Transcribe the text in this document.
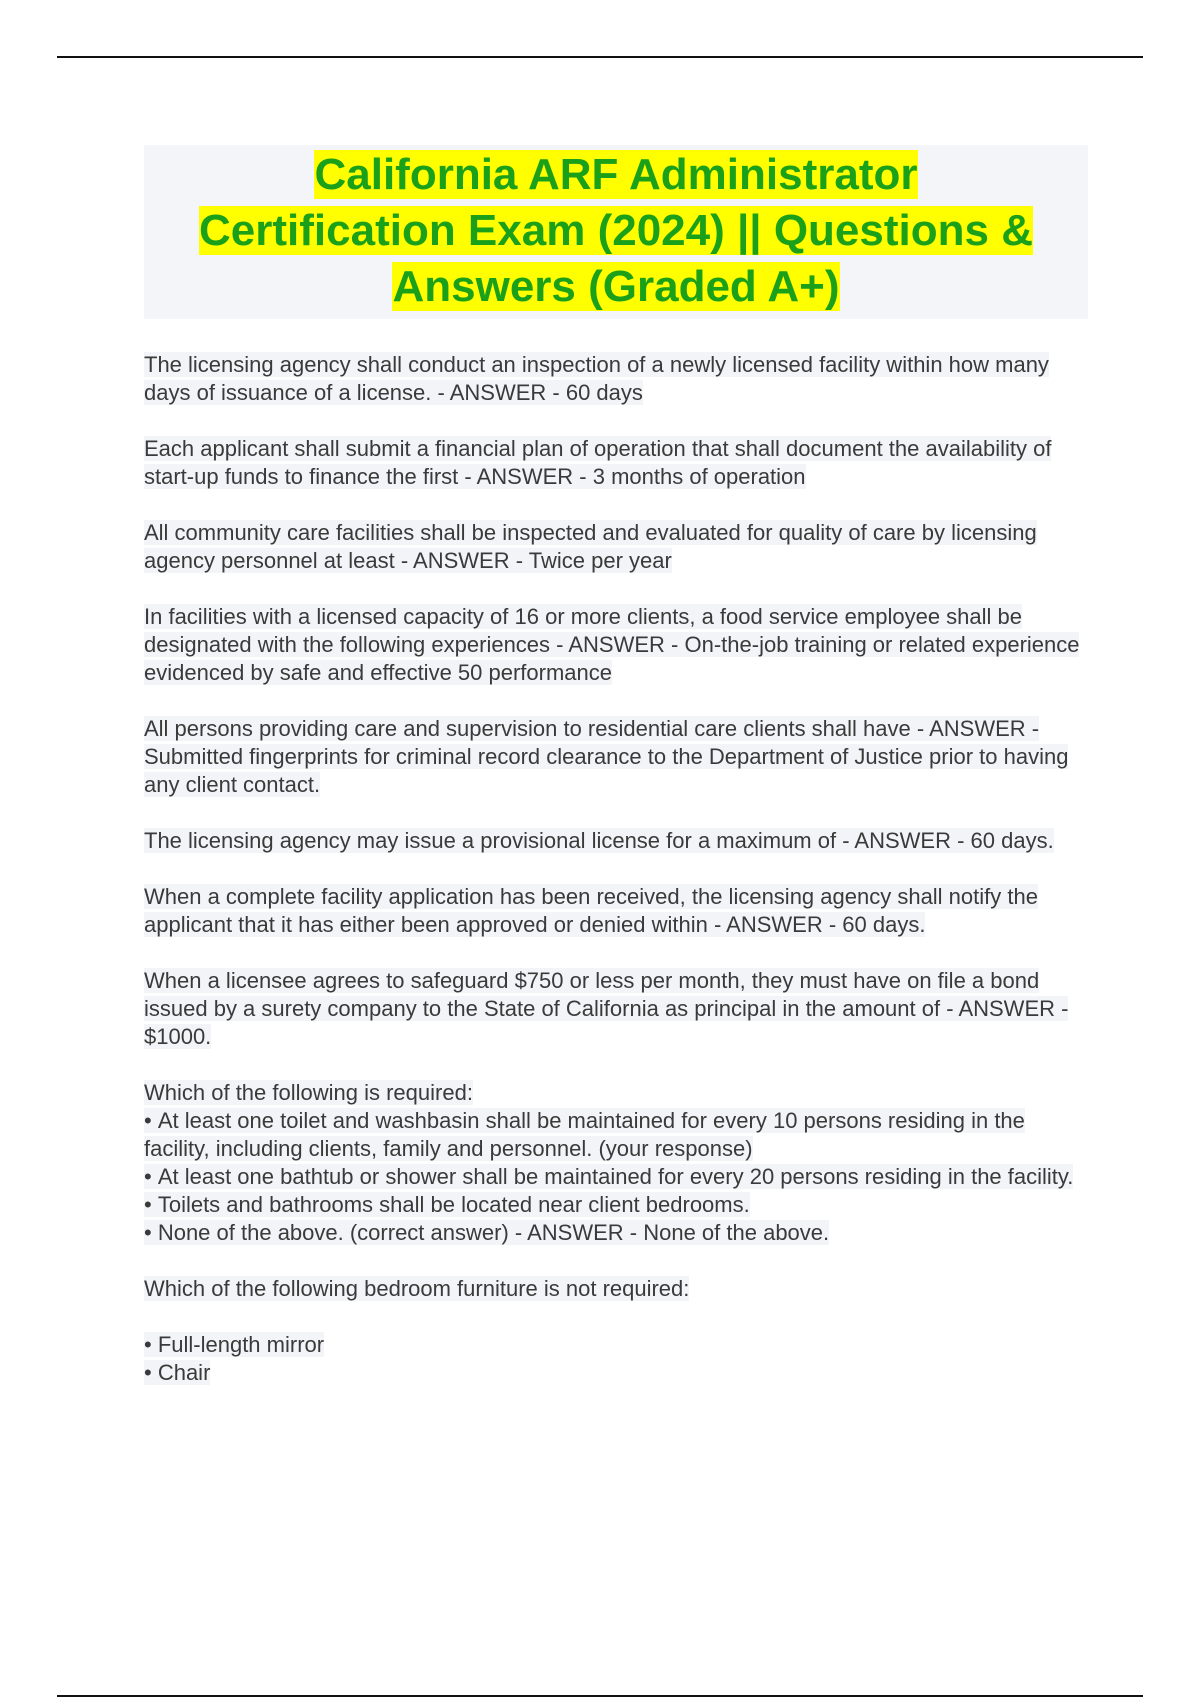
California ARF Administrator
Certification Exam (2024) || Questions &
Answers (Graded A+)
The licensing agency shall conduct an inspection of a newly licensed facility within how many days of issuance of a license. - ANSWER - 60 days
Each applicant shall submit a financial plan of operation that shall document the availability of start-up funds to finance the first - ANSWER - 3 months of operation
All community care facilities shall be inspected and evaluated for quality of care by licensing agency personnel at least - ANSWER - Twice per year
In facilities with a licensed capacity of 16 or more clients, a food service employee shall be designated with the following experiences - ANSWER - On-the-job training or related experience evidenced by safe and effective 50 performance
All persons providing care and supervision to residential care clients shall have - ANSWER - Submitted fingerprints for criminal record clearance to the Department of Justice prior to having any client contact.
The licensing agency may issue a provisional license for a maximum of - ANSWER - 60 days.
When a complete facility application has been received, the licensing agency shall notify the applicant that it has either been approved or denied within - ANSWER - 60 days.
When a licensee agrees to safeguard $750 or less per month, they must have on file a bond issued by a surety company to the State of California as principal in the amount of - ANSWER - $1000.
Which of the following is required:
• At least one toilet and washbasin shall be maintained for every 10 persons residing in the facility, including clients, family and personnel. (your response)
• At least one bathtub or shower shall be maintained for every 20 persons residing in the facility.
• Toilets and bathrooms shall be located near client bedrooms.
• None of the above. (correct answer) - ANSWER - None of the above.
Which of the following bedroom furniture is not required:
• Full-length mirror
• Chair
